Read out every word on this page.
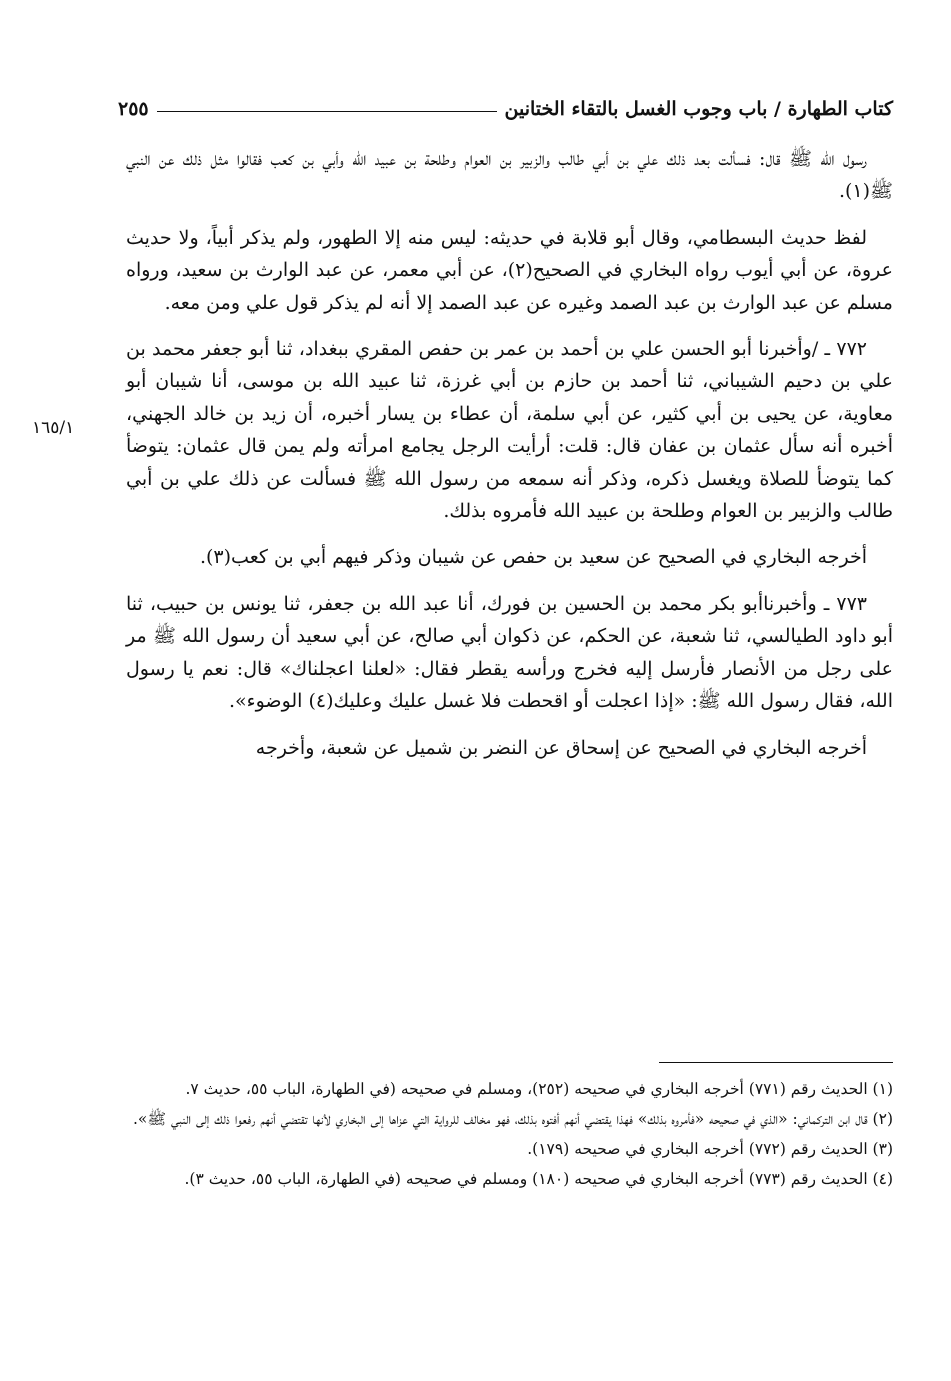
كتاب الطهارة / باب وجوب الغسل بالتقاء الختانين
٢٥٥
١٦٥/١

رسول الله ﷺ قال: فسألت بعد ذلك علي بن أبي طالب والزبير بن العوام وطلحة بن عبيد الله وأبي بن كعب فقالوا مثل ذلك عن النبي ﷺ(١).

لفظ حديث البسطامي، وقال أبو قلابة في حديثه: ليس منه إلا الطهور، ولم يذكر أبياً، ولا حديث عروة، عن أبي أيوب رواه البخاري في الصحيح(٢)، عن أبي معمر، عن عبد الوارث بن سعيد، ورواه مسلم عن عبد الوارث بن عبد الصمد وغيره عن عبد الصمد إلا أنه لم يذكر قول علي ومن معه.

٧٧٢ ـ /وأخبرنا أبو الحسن علي بن أحمد بن عمر بن حفص المقري ببغداد، ثنا أبو جعفر محمد بن علي بن دحيم الشيباني، ثنا أحمد بن حازم بن أبي غرزة، ثنا عبيد الله بن موسى، أنا شيبان أبو معاوية، عن يحيى بن أبي كثير، عن أبي سلمة، أن عطاء بن يسار أخبره، أن زيد بن خالد الجهني، أخبره أنه سأل عثمان بن عفان قال: قلت: أرأيت الرجل يجامع امرأته ولم يمن قال عثمان: يتوضأ كما يتوضأ للصلاة ويغسل ذكره، وذكر أنه سمعه من رسول الله ﷺ فسألت عن ذلك علي بن أبي طالب والزبير بن العوام وطلحة بن عبيد الله فأمروه بذلك.

أخرجه البخاري في الصحيح عن سعيد بن حفص عن شيبان وذكر فيهم أبي بن كعب(٣).

٧٧٣ ـ وأخبرناأبو بكر محمد بن الحسين بن فورك، أنا عبد الله بن جعفر، ثنا يونس بن حبيب، ثنا أبو داود الطيالسي، ثنا شعبة، عن الحكم، عن ذكوان أبي صالح، عن أبي سعيد أن رسول الله ﷺ مر على رجل من الأنصار فأرسل إليه فخرج ورأسه يقطر فقال: «لعلنا اعجلناك» قال: نعم يا رسول الله، فقال رسول الله ﷺ: «إذا اعجلت أو اقحطت فلا غسل عليك وعليك(٤) الوضوء».

أخرجه البخاري في الصحيح عن إسحاق عن النضر بن شميل عن شعبة، وأخرجه

(١) الحديث رقم (٧٧١) أخرجه البخاري في صحيحه (٢٥٢)، ومسلم في صحيحه (في الطهارة، الباب ٥٥، حديث ٧.

(٢) قال ابن التركماني: «الذي في صحيحه «فأمروه بذلك» فهذا يقتضي أنهم أفتوه بذلك، فهو مخالف للرواية التي عزاها إلى البخاري لأنها تقتضي أنهم رفعوا ذلك إلى النبي ﷺ».

(٣) الحديث رقم (٧٧٢) أخرجه البخاري في صحيحه (١٧٩).

(٤) الحديث رقم (٧٧٣) أخرجه البخاري في صحيحه (١٨٠) ومسلم في صحيحه (في الطهارة، الباب ٥٥، حديث ٣).
